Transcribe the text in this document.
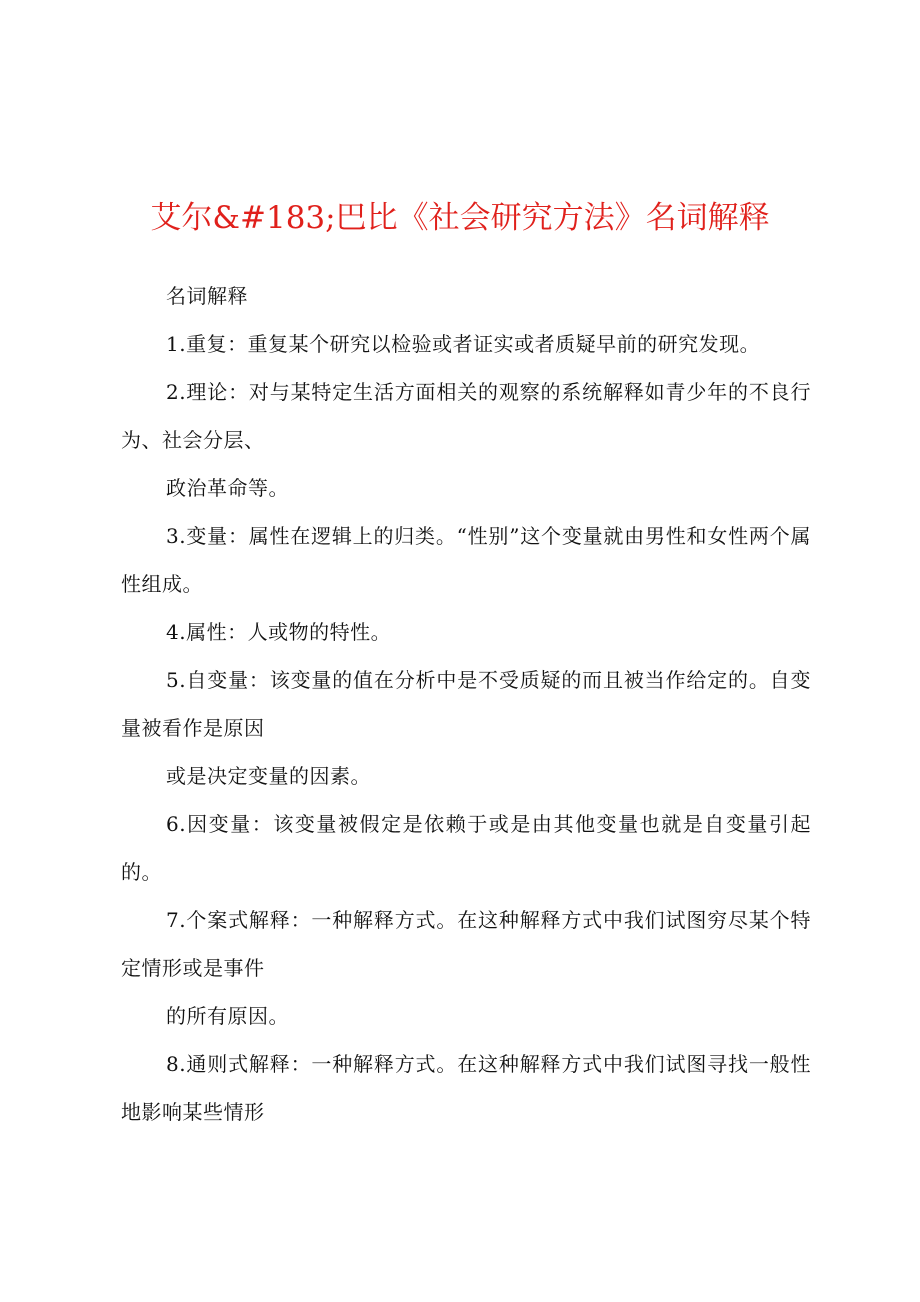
艾尔&#183;巴比《社会研究方法》名词解释

名词解释

1.重复：重复某个研究以检验或者证实或者质疑早前的研究发现。

2.理论：对与某特定生活方面相关的观察的系统解释如青少年的不良行为、社会分层、

政治革命等。

3.变量：属性在逻辑上的归类。“性别”这个变量就由男性和女性两个属性组成。

4.属性：人或物的特性。

5.自变量：该变量的值在分析中是不受质疑的而且被当作给定的。自变量被看作是原因

或是决定变量的因素。

6.因变量：该变量被假定是依赖于或是由其他变量也就是自变量引起的。

7.个案式解释：一种解释方式。在这种解释方式中我们试图穷尽某个特定情形或是事件

的所有原因。

8.通则式解释：一种解释方式。在这种解释方式中我们试图寻找一般性地影响某些情形
